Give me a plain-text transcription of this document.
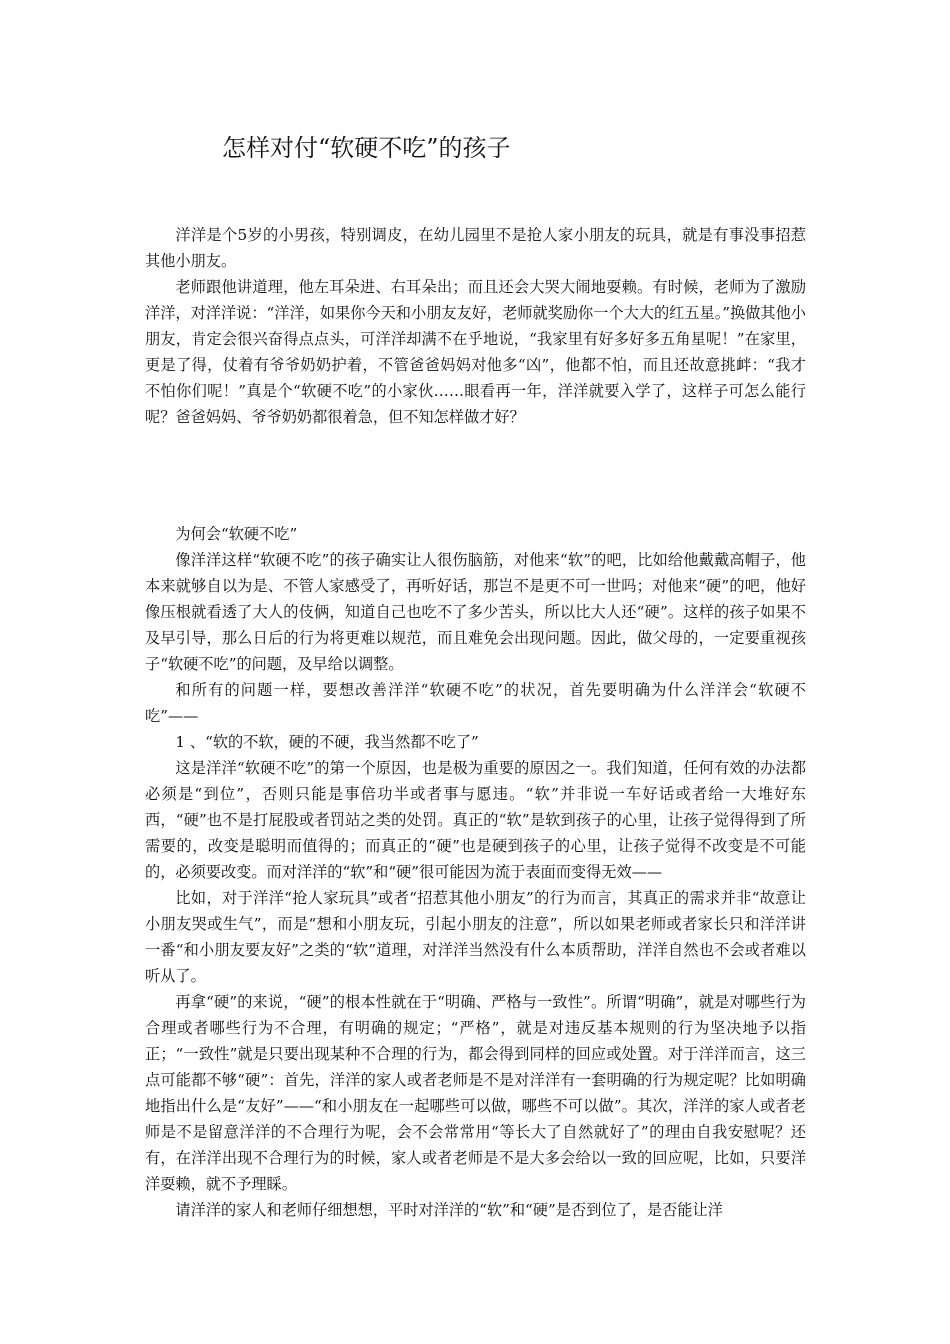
怎样对付“软硬不吃”的孩子

洋洋是个5岁的小男孩，特别调皮，在幼儿园里不是抢人家小朋友的玩具，就是有事没事招惹其他小朋友。

老师跟他讲道理，他左耳朵进、右耳朵出；而且还会大哭大闹地耍赖。有时候，老师为了激励洋洋，对洋洋说：“洋洋，如果你今天和小朋友友好，老师就奖励你一个大大的红五星。”换做其他小朋友，肯定会很兴奋得点点头，可洋洋却满不在乎地说，“我家里有好多好多五角星呢！”在家里，更是了得，仗着有爷爷奶奶护着，不管爸爸妈妈对他多“凶”，他都不怕，而且还故意挑衅：“我才不怕你们呢！”真是个“软硬不吃”的小家伙……眼看再一年，洋洋就要入学了，这样子可怎么能行呢？爸爸妈妈、爷爷奶奶都很着急，但不知怎样做才好？

为何会“软硬不吃”

像洋洋这样“软硬不吃”的孩子确实让人很伤脑筋，对他来“软”的吧，比如给他戴戴高帽子，他本来就够自以为是、不管人家感受了，再听好话，那岂不是更不可一世吗；对他来“硬”的吧，他好像压根就看透了大人的伎俩，知道自己也吃不了多少苦头，所以比大人还“硬”。这样的孩子如果不及早引导，那么日后的行为将更难以规范，而且难免会出现问题。因此，做父母的，一定要重视孩子“软硬不吃”的问题，及早给以调整。

和所有的问题一样，要想改善洋洋“软硬不吃”的状况，首先要明确为什么洋洋会“软硬不吃”——

1 、“软的不软，硬的不硬，我当然都不吃了”

这是洋洋“软硬不吃”的第一个原因，也是极为重要的原因之一。我们知道，任何有效的办法都必须是“到位”，否则只能是事倍功半或者事与愿违。“软”并非说一车好话或者给一大堆好东西，“硬”也不是打屁股或者罚站之类的处罚。真正的“软”是软到孩子的心里，让孩子觉得得到了所需要的，改变是聪明而值得的；而真正的“硬”也是硬到孩子的心里，让孩子觉得不改变是不可能的，必须要改变。而对洋洋的“软”和“硬”很可能因为流于表面而变得无效——

比如，对于洋洋“抢人家玩具”或者“招惹其他小朋友”的行为而言，其真正的需求并非“故意让小朋友哭或生气”，而是“想和小朋友玩，引起小朋友的注意”，所以如果老师或者家长只和洋洋讲一番“和小朋友要友好”之类的“软”道理，对洋洋当然没有什么本质帮助，洋洋自然也不会或者难以听从了。

再拿“硬”的来说，“硬”的根本性就在于“明确、严格与一致性”。所谓“明确”，就是对哪些行为合理或者哪些行为不合理，有明确的规定；“严格”，就是对违反基本规则的行为坚决地予以指正；“一致性”就是只要出现某种不合理的行为，都会得到同样的回应或处置。对于洋洋而言，这三点可能都不够“硬”：首先，洋洋的家人或者老师是不是对洋洋有一套明确的行为规定呢？比如明确地指出什么是“友好”——“和小朋友在一起哪些可以做，哪些不可以做”。其次，洋洋的家人或者老师是不是留意洋洋的不合理行为呢，会不会常常用“等长大了自然就好了”的理由自我安慰呢？还有，在洋洋出现不合理行为的时候，家人或者老师是不是大多会给以一致的回应呢，比如，只要洋洋耍赖，就不予理睬。

请洋洋的家人和老师仔细想想，平时对洋洋的“软”和“硬”是否到位了，是否能让洋
